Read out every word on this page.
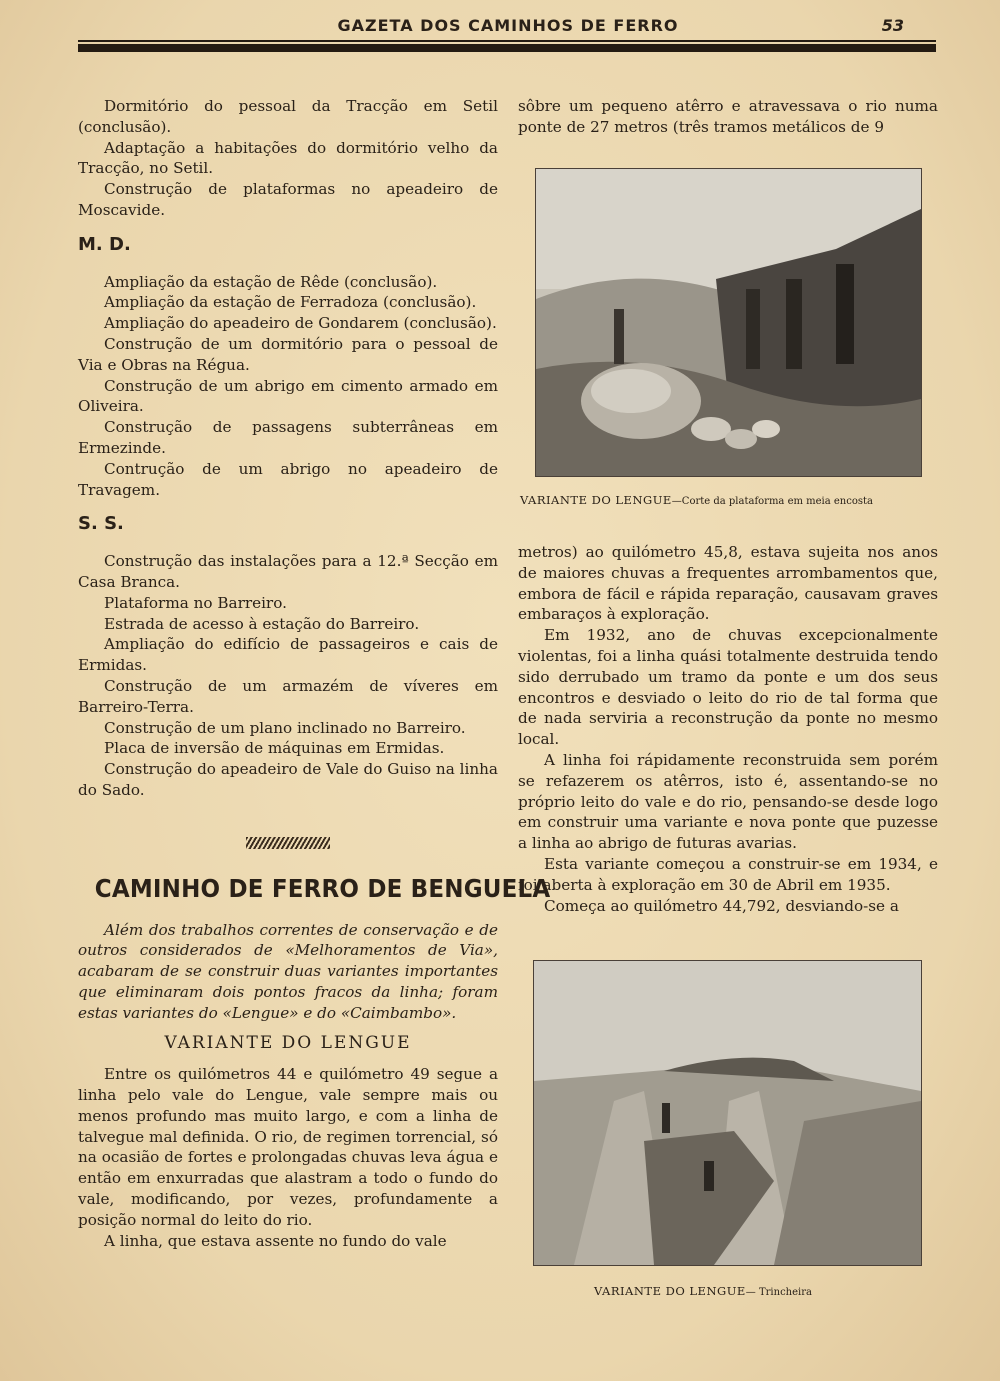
GAZETA DOS CAMINHOS DE FERRO	53

Dormitório do pessoal da Tracção em Setil (conclusão).

Adaptação a habitações do dormitório velho da Tracção, no Setil.

Construção de plataformas no apeadeiro de Moscavide.

M. D.

Ampliação da estação de Rêde (conclusão).

Ampliação da estação de Ferradoza (conclusão).

Ampliação do apeadeiro de Gondarem (conclusão).

Construção de um dormitório para o pessoal de Via e Obras na Régua.

Construção de um abrigo em cimento armado em Oliveira.

Construção de passagens subterrâneas em Ermezinde.

Contrução de um abrigo no apeadeiro de Travagem.

S. S.

Construção das instalações para a 12.ª Secção em Casa Branca.

Plataforma no Barreiro.

Estrada de acesso à estação do Barreiro.

Ampliação do edifício de passageiros e cais de Ermidas.

Construção de um armazém de víveres em Barreiro-Terra.

Construção de um plano inclinado no Barreiro.

Placa de inversão de máquinas em Ermidas.

Construção do apeadeiro de Vale do Guiso na linha do Sado.

CAMINHO DE FERRO DE BENGUELA

Além dos trabalhos correntes de conservação e de outros considerados de «Melhoramentos de Via», acabaram de se construir duas variantes importantes que eliminaram dois pontos fracos da linha; foram estas variantes do «Lengue» e do «Caimbambo».

VARIANTE DO LENGUE

Entre os quilómetros 44 e quilómetro 49 segue a linha pelo vale do Lengue, vale sempre mais ou menos profundo mas muito largo, e com a linha de talvegue mal definida. O rio, de regimen torrencial, só na ocasião de fortes e prolongadas chuvas leva água e então em enxurradas que alastram a todo o fundo do vale, modificando, por vezes, profundamente a posição normal do leito do rio.

A linha, que estava assente no fundo do vale

sôbre um pequeno atêrro e atravessava o rio numa ponte de 27 metros (três tramos metálicos de 9

VARIANTE DO LENGUE—Corte da plataforma em meia encosta

metros) ao quilómetro 45,8, estava sujeita nos anos de maiores chuvas a frequentes arrombamentos que, embora de fácil e rápida reparação, causavam graves embaraços à exploração.

Em 1932, ano de chuvas excepcionalmente violentas, foi a linha quási totalmente destruida tendo sido derrubado um tramo da ponte e um dos seus encontros e desviado o leito do rio de tal forma que de nada serviria a reconstrução da ponte no mesmo local.

A linha foi rápidamente reconstruida sem porém se refazerem os atêrros, isto é, assentando-se no próprio leito do vale e do rio, pensando-se desde logo em construir uma variante e nova ponte que puzesse a linha ao abrigo de futuras avarias.

Esta variante começou a construir-se em 1934, e foi aberta à exploração em 30 de Abril em 1935.

Começa ao quilómetro 44,792, desviando-se a

VARIANTE DO LENGUE— Trincheira
